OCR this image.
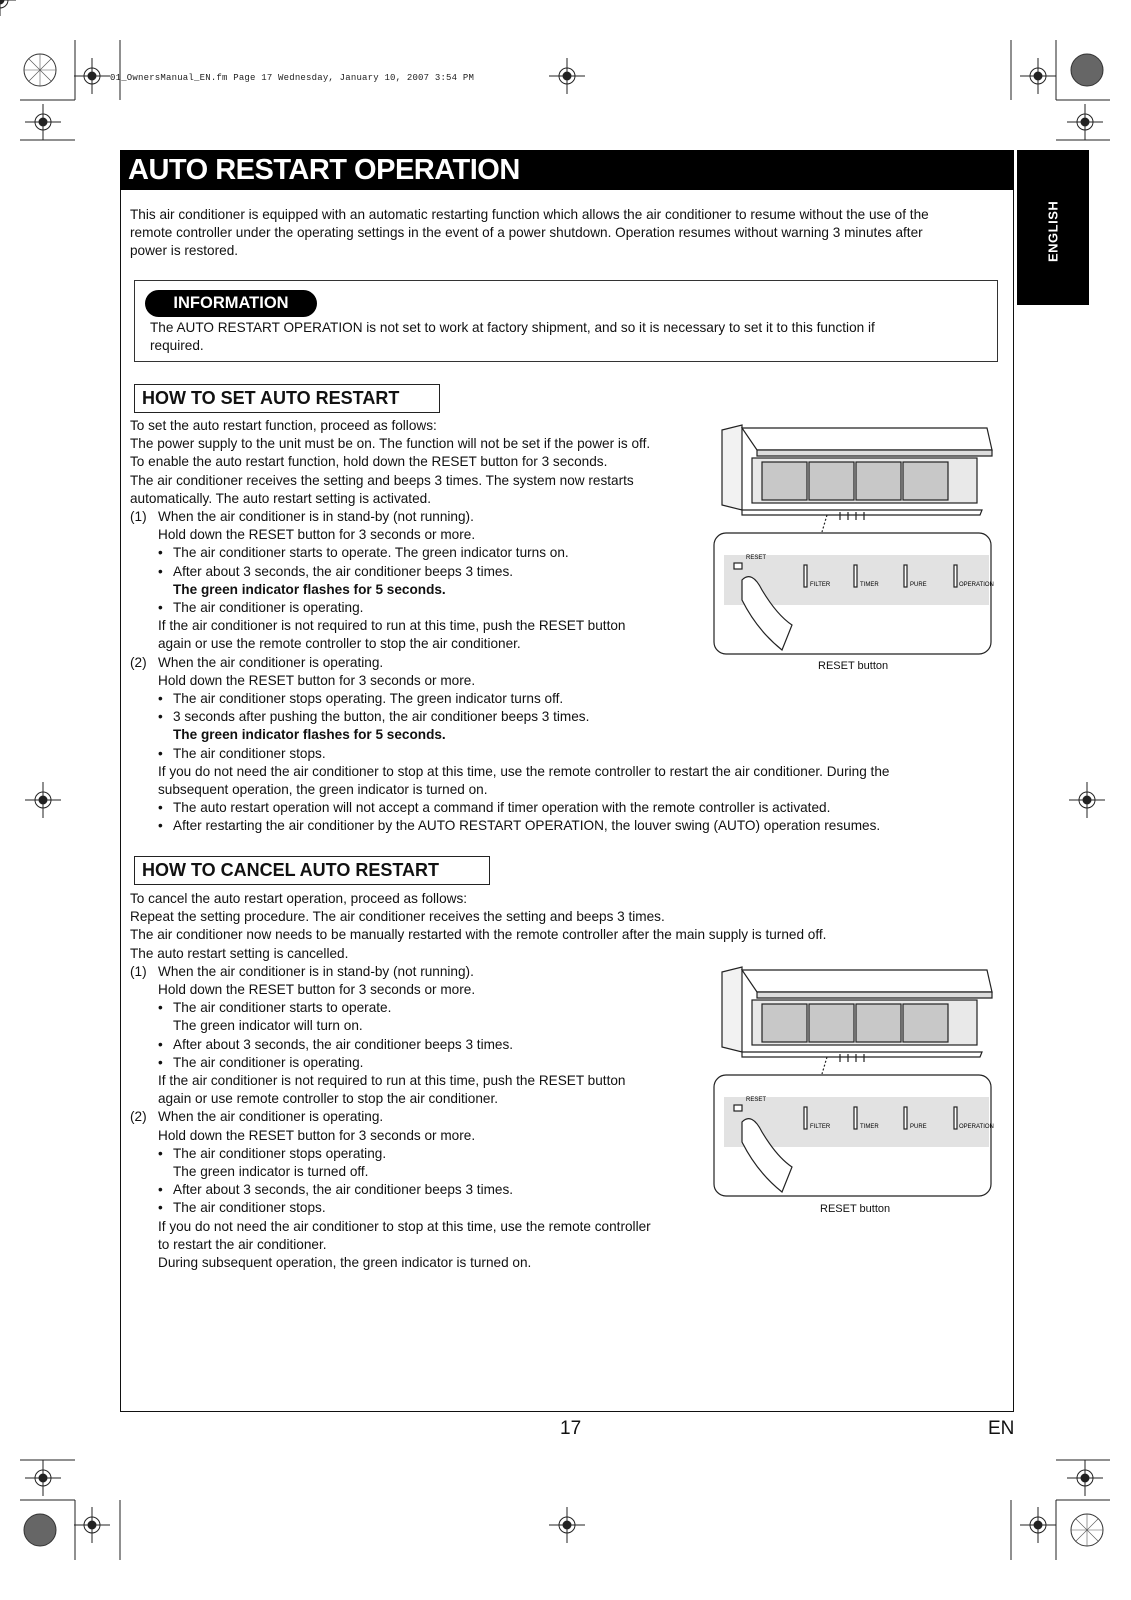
01_OwnersManual_EN.fm Page 17 Wednesday, January 10, 2007 3:54 PM
AUTO RESTART OPERATION
ENGLISH
This air conditioner is equipped with an automatic restarting function which allows the air conditioner to resume without the use of the
remote controller under the operating settings in the event of a power shutdown. Operation resumes without warning 3 minutes after
power is restored.
INFORMATION
The AUTO RESTART OPERATION is not set to work at factory shipment, and so it is necessary to set it to this function if
required.
HOW TO SET AUTO RESTART
To set the auto restart function, proceed as follows:
The power supply to the unit must be on. The function will not be set if the power is off.
To enable the auto restart function, hold down the RESET button for 3 seconds.
The air conditioner receives the setting and beeps 3 times. The system now restarts
automatically. The auto restart setting is activated.
(1) When the air conditioner is in stand-by (not running).
Hold down the RESET button for 3 seconds or more.
• The air conditioner starts to operate. The green indicator turns on.
• After about 3 seconds, the air conditioner beeps 3 times.
The green indicator flashes for 5 seconds.
• The air conditioner is operating.
If the air conditioner is not required to run at this time, push the RESET button
again or use the remote controller to stop the air conditioner.
(2) When the air conditioner is operating.
Hold down the RESET button for 3 seconds or more.
• The air conditioner stops operating. The green indicator turns off.
• 3 seconds after pushing the button, the air conditioner beeps 3 times.
The green indicator flashes for 5 seconds.
• The air conditioner stops.
If you do not need the air conditioner to stop at this time, use the remote controller to restart the air conditioner. During the
subsequent operation, the green indicator is turned on.
• The auto restart operation will not accept a command if timer operation with the remote controller is activated.
• After restarting the air conditioner by the AUTO RESTART OPERATION, the louver swing (AUTO) operation resumes.
RESET
FILTER	TIMER	PURE	OPERATION
RESET button
HOW TO CANCEL AUTO RESTART
To cancel the auto restart operation, proceed as follows:
Repeat the setting procedure. The air conditioner receives the setting and beeps 3 times.
The air conditioner now needs to be manually restarted with the remote controller after the main supply is turned off.
The auto restart setting is cancelled.
(1) When the air conditioner is in stand-by (not running).
Hold down the RESET button for 3 seconds or more.
• The air conditioner starts to operate.
The green indicator will turn on.
• After about 3 seconds, the air conditioner beeps 3 times.
• The air conditioner is operating.
If the air conditioner is not required to run at this time, push the RESET button
again or use remote controller to stop the air conditioner.
(2) When the air conditioner is operating.
Hold down the RESET button for 3 seconds or more.
• The air conditioner stops operating.
The green indicator is turned off.
• After about 3 seconds, the air conditioner beeps 3 times.
• The air conditioner stops.
If you do not need the air conditioner to stop at this time, use the remote controller
to restart the air conditioner.
During subsequent operation, the green indicator is turned on.
RESET
FILTER	TIMER	PURE	OPERATION
RESET button
17	EN
